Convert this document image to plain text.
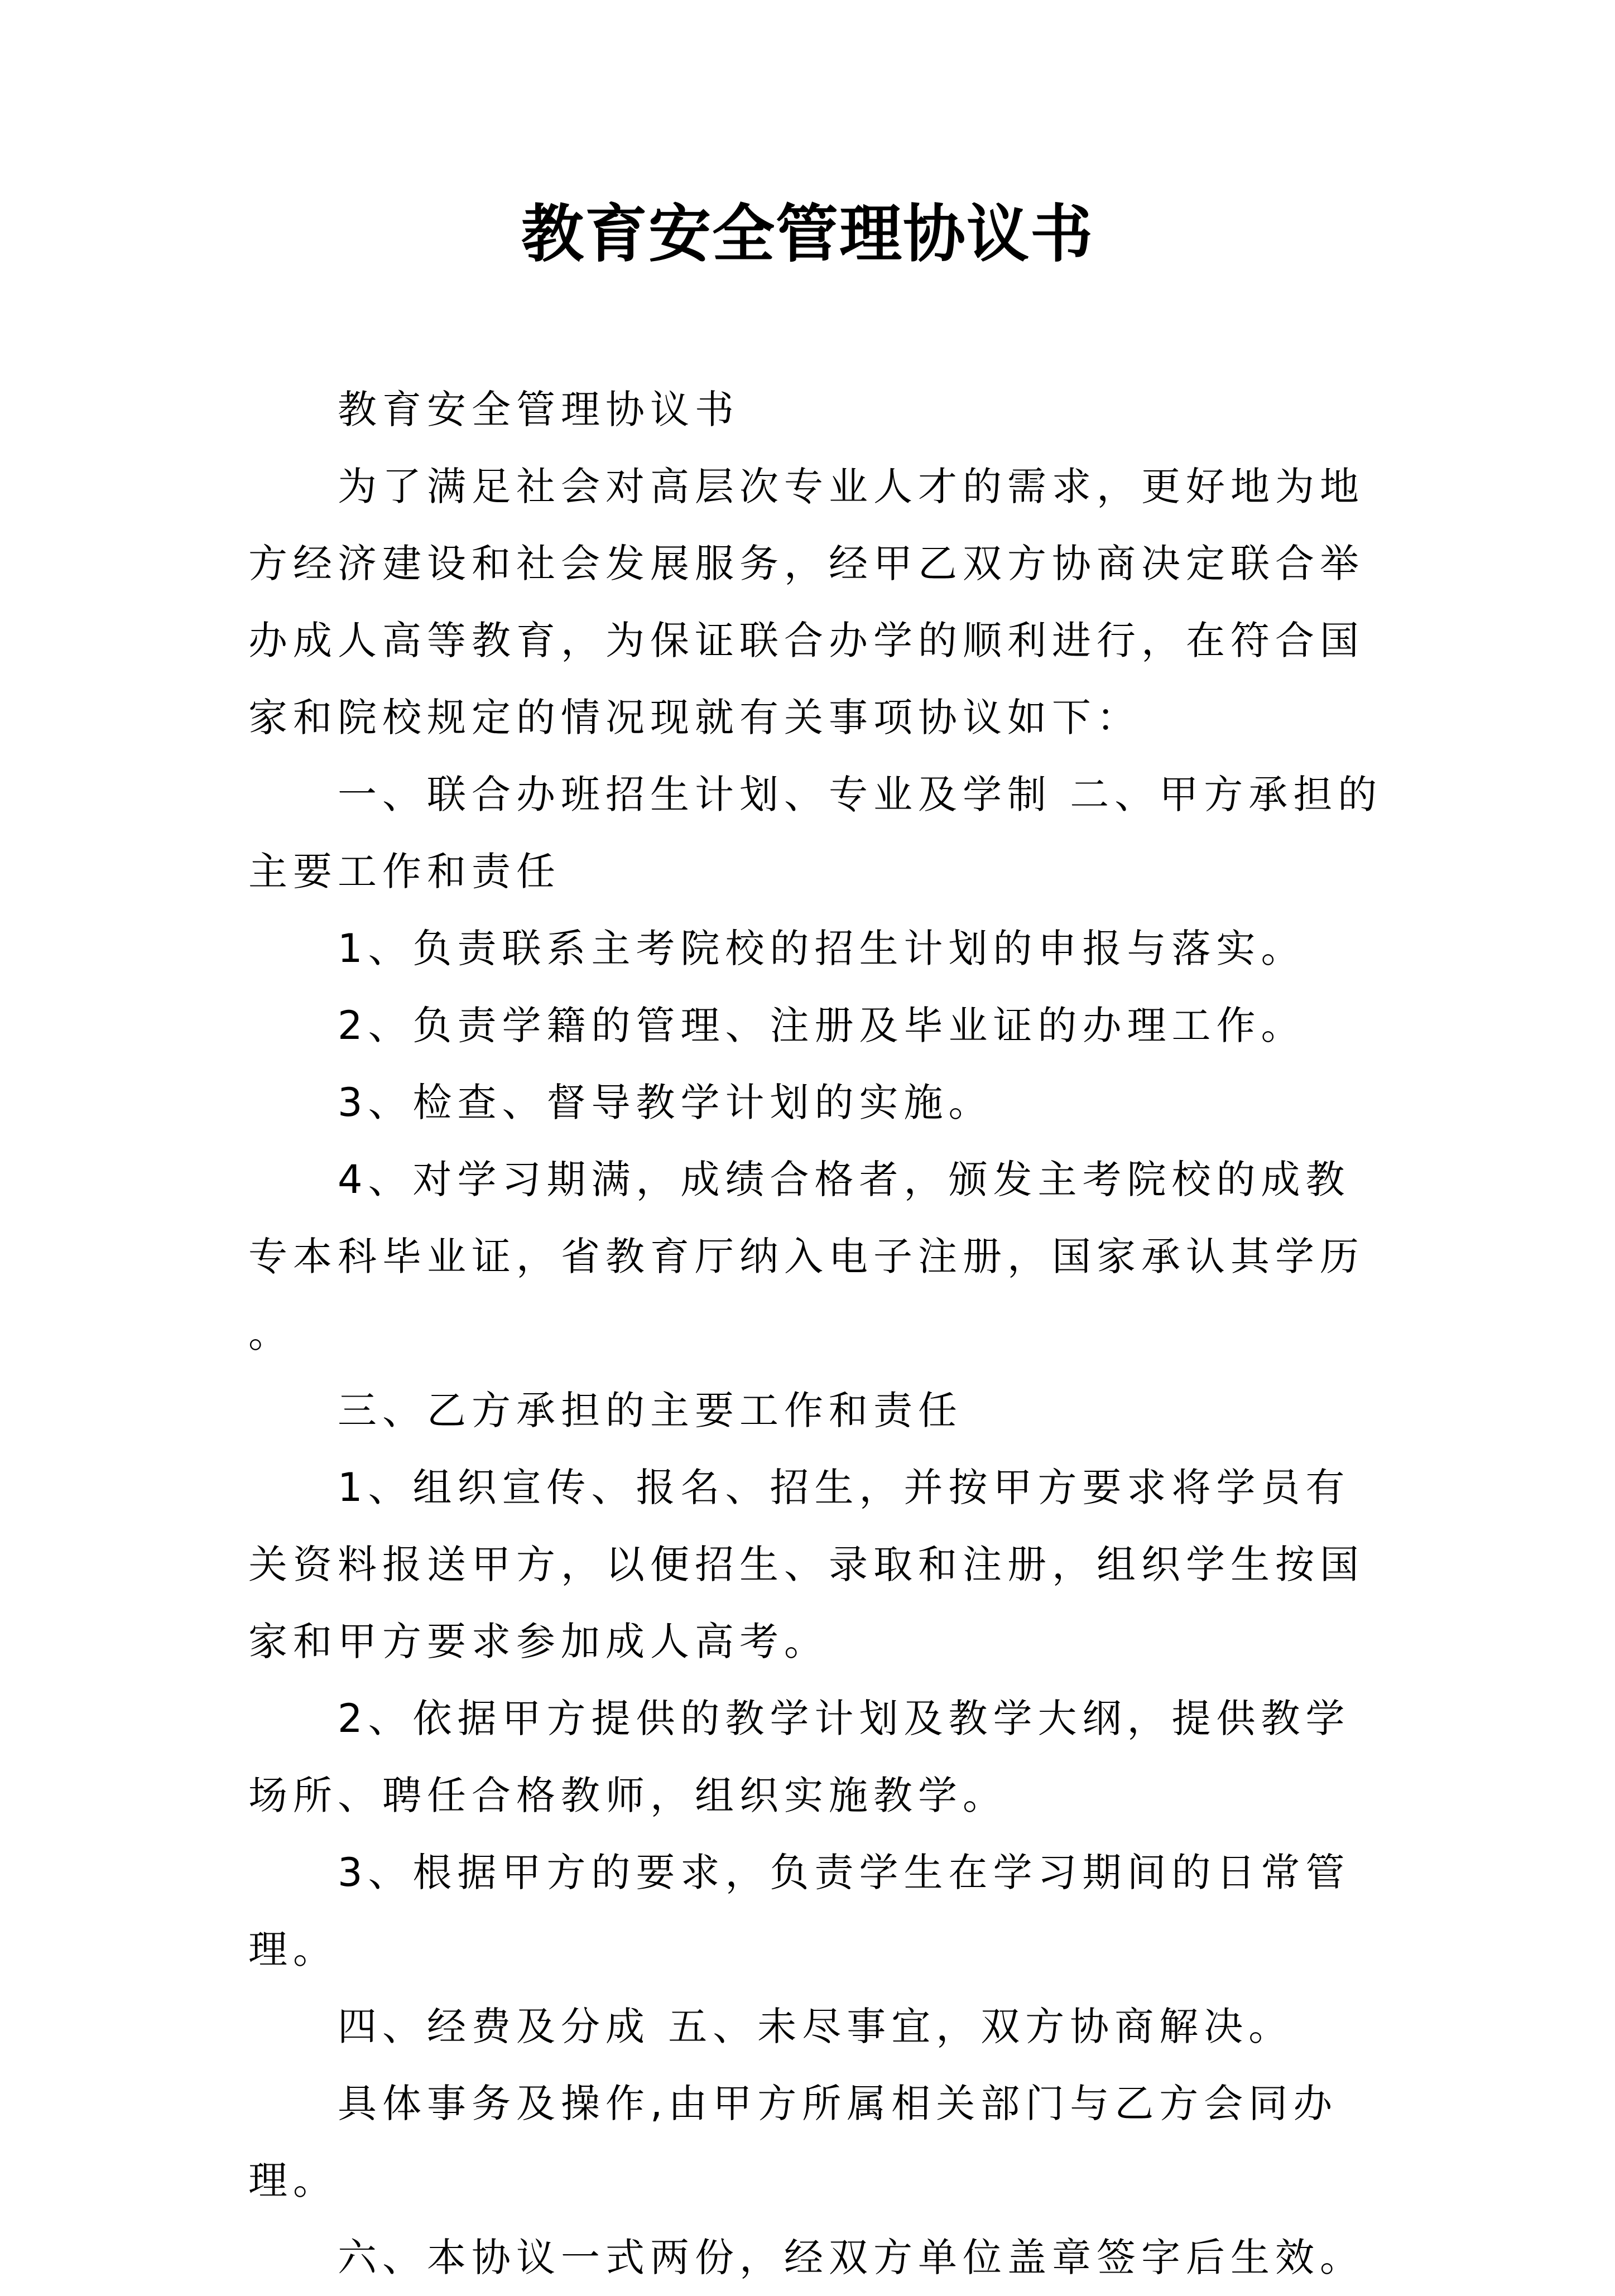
教育安全管理协议书

教育安全管理协议书

为了满足社会对高层次专业人才的需求，更好地为地方经济建设和社会发展服务，经甲乙双方协商决定联合举办成人高等教育，为保证联合办学的顺利进行，在符合国家和院校规定的情况现就有关事项协议如下：

一、联合办班招生计划、专业及学制 二、甲方承担的主要工作和责任

1、负责联系主考院校的招生计划的申报与落实。

2、负责学籍的管理、注册及毕业证的办理工作。

3、检查、督导教学计划的实施。

4、对学习期满，成绩合格者，颁发主考院校的成教专本科毕业证，省教育厅纳入电子注册，国家承认其学历 。

三、乙方承担的主要工作和责任

1、组织宣传、报名、招生，并按甲方要求将学员有关资料报送甲方，以便招生、录取和注册，组织学生按国家和甲方要求参加成人高考。

2、依据甲方提供的教学计划及教学大纲，提供教学场所、聘任合格教师，组织实施教学。

3、根据甲方的要求，负责学生在学习期间的日常管理。

四、经费及分成 五、未尽事宜，双方协商解决。

具体事务及操作,由甲方所属相关部门与乙方会同办理。

六、本协议一式两份，经双方单位盖章签字后生效。
